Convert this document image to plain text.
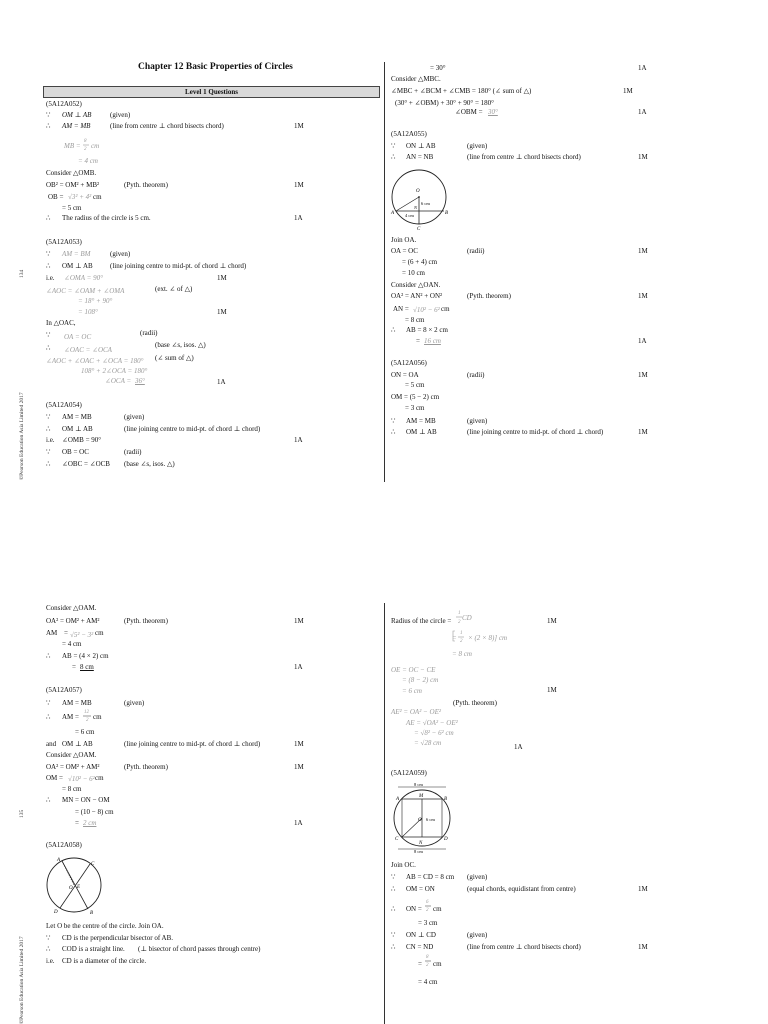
Chapter 12 Basic Properties of Circles
Level 1 Questions
134
©Pearson Education Asia Limited 2017
135
©Pearson Education Asia Limited 2017
(5A12A052)
∵ OM ⊥ AB	(given)
∴ AM = MB	(line from centre ⊥ chord bisects chord)	1M
MB = cm
= 4 cm
Consider △OMB.
OB² = OM² + MB²	(Pyth. theorem)	1M
OB = √3² + 4² cm
= 5 cm
∴ The radius of the circle is 5 cm.	1A
(5A12A053)
∵ AM = BM	(given)
∴ OM ⊥ AB (line joining centre to mid-pt. of chord ⊥ chord)
i.e. ∠OMA = 90°	1M
∠AOC = ∠OAM + ∠OMA	(ext. ∠ of △)
= 18° + 90°
= 108°	1M
In △OAC,
∵ OA = OC	(radii)
∴ ∠OAC = ∠OCA
(base ∠s, isos. △)
∠AOC + ∠OAC + ∠OCA = 180° (∠ sum of △)
108° + 2∠OCA = 180°
∠OCA = 36°	1A
(5A12A054)
∵ AM = MB	(given)
∴ OM ⊥ AB	(line joining centre to mid-pt. of chord ⊥ chord)
i.e. ∠OMB = 90°	1A
∵ OB = OC	(radii)
∴ ∠OBC = ∠OCB (base ∠s, isos. △)
= 30°	1A
Consider △MBC.
∠MBC + ∠BCM + ∠CMB = 180° (∠ sum of △)	1M
(30° + ∠OBM) + 30° + 90° = 180°
∠OBM = 30°	1A
(5A12A055)
∵ ON ⊥ AB	(given)
∴ AN = NB	(line from centre ⊥ chord bisects chord)	1M
Join OA.
OA = OC	(radii)	1M
= (6 + 4) cm
= 10 cm
Consider △OAN.
OA² = AN² + ON²	(Pyth. theorem)	1M
AN = √10² − 6² cm
= 8 cm
∴ AB = 8 × 2 cm
= 16 cm	1A
(5A12A056)
ON = OA	(radii)	1M
= 5 cm
OM = (5 − 2) cm
= 3 cm
∵ AM = MB	(given)
∴ OM ⊥ AB	(line joining centre to mid-pt. of chord ⊥ chord)	1M
Consider △OAM.
OA² = OM² + AM²	(Pyth. theorem)	1M
AM = √5² − 3² cm
= 4 cm
∴ AB = (4 × 2) cm
= 8 cm	1A
(5A12A057)
∵ AM = MB	(given)
∴ AM = cm
= 6 cm
and OM ⊥ AB	(line joining centre to mid-pt. of chord ⊥ chord)	1M
Consider △OAM.
OA² = OM² + AM²	(Pyth. theorem)	1M
OM = √10² − 6² cm
= 8 cm
∴ MN = ON − OM
= (10 − 8) cm
= 2 cm	1A
(5A12A058)
Let O be the centre of the circle. Join OA.
∵ CD is the perpendicular bisector of AB.
∴ COD is a straight line. (⊥ bisector of chord passes through centre)
i.e. CD is a diameter of the circle.
Radius of the circle = CD	1M
= × (2 × 8)] cm
= 8 cm
OE = OC − CE
= (8 − 2) cm
= 6 cm	1M
(Pyth. theorem)
AE² = OA² − OE²
AE = √OA² − OE²
= √8² − 6² cm
= √28 cm	1A
(5A12A059)
Join OC.
∵ AB = CD = 8 cm (given)
∴ OM = ON	(equal chords, equidistant from centre)	1M
∴ ON = cm
= 3 cm
∵ ON ⊥ CD	(given)
∴ CN = ND	(line from centre ⊥ chord bisects chord)	1M
= cm
= 4 cm
8
2
12
2
1
2
1
2
6
2
8
2
O
6 cm
N
4 cm
A	B
C
A
C
O E
B
D
8 cm
A
M
B
O 6 cm
C
N
D
8 cm
